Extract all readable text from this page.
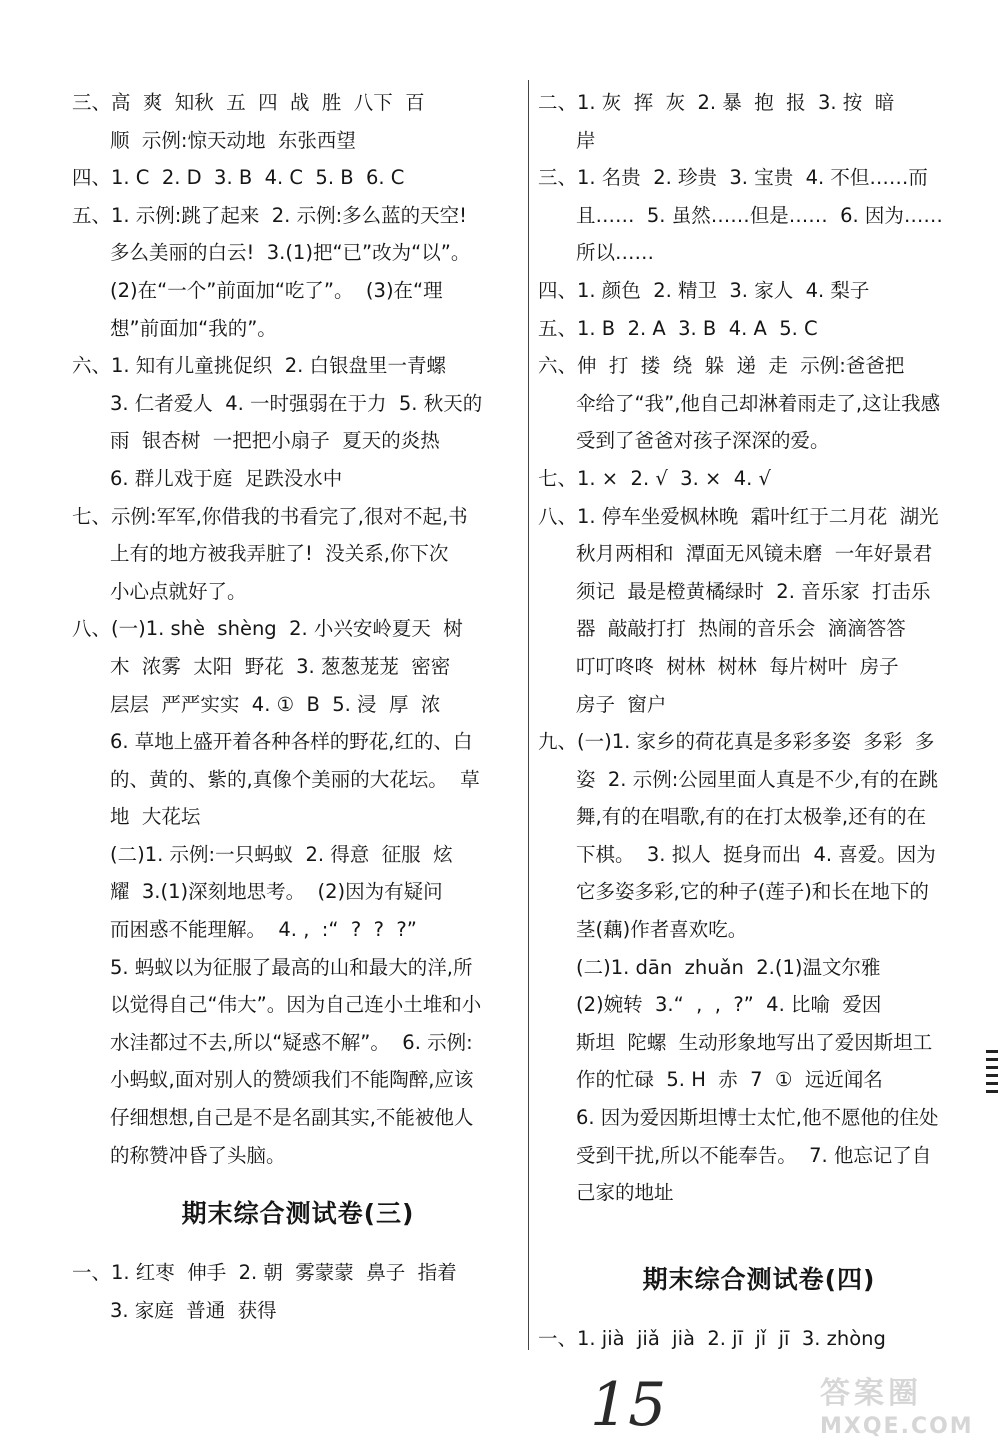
三、高  爽  知秋  五  四  战  胜  八下  百
顺  示例:惊天动地  东张西望
四、1. C  2. D  3. B  4. C  5. B  6. C
五、1. 示例:跳了起来  2. 示例:多么蓝的天空!
多么美丽的白云!  3.(1)把“已”改为“以”。
(2)在“一个”前面加“吃了”。  (3)在“理
想”前面加“我的”。
六、1. 知有儿童挑促织  2. 白银盘里一青螺
3. 仁者爱人  4. 一时强弱在于力  5. 秋天的
雨  银杏树  一把把小扇子  夏天的炎热
6. 群儿戏于庭  足跌没水中
七、示例:军军,你借我的书看完了,很对不起,书
上有的地方被我弄脏了!  没关系,你下次
小心点就好了。
八、(一)1. shè  shèng  2. 小兴安岭夏天  树
木  浓雾  太阳  野花  3. 葱葱茏茏  密密
层层  严严实实  4. ①  B  5. 浸  厚  浓
6. 草地上盛开着各种各样的野花,红的、白
的、黄的、紫的,真像个美丽的大花坛。  草
地  大花坛
(二)1. 示例:一只蚂蚁  2. 得意  征服  炫
耀  3.(1)深刻地思考。  (2)因为有疑问
而困惑不能理解。  4. ,  :“  ?  ?  ?”
5. 蚂蚁以为征服了最高的山和最大的洋,所
以觉得自己“伟大”。因为自己连小土堆和小
水洼都过不去,所以“疑惑不解”。  6. 示例:
小蚂蚁,面对别人的赞颂我们不能陶醉,应该
仔细想想,自己是不是名副其实,不能被他人
的称赞冲昏了头脑。
期末综合测试卷(三)
一、1. 红枣  伸手  2. 朝  雾蒙蒙  鼻子  指着
3. 家庭  普通  获得
二、1. 灰  挥  灰  2. 暴  抱  报  3. 按  暗
岸
三、1. 名贵  2. 珍贵  3. 宝贵  4. 不但……而
且……  5. 虽然……但是……  6. 因为……
所以……
四、1. 颜色  2. 精卫  3. 家人  4. 梨子
五、1. B  2. A  3. B  4. A  5. C
六、伸  打  搂  绕  躲  递  走  示例:爸爸把
伞给了“我”,他自己却淋着雨走了,这让我感
受到了爸爸对孩子深深的爱。
七、1. ×  2. √  3. ×  4. √
八、1. 停车坐爱枫林晚  霜叶红于二月花  湖光
秋月两相和  潭面无风镜未磨  一年好景君
须记  最是橙黄橘绿时  2. 音乐家  打击乐
器  敲敲打打  热闹的音乐会  滴滴答答
叮叮咚咚  树林  树林  每片树叶  房子
房子  窗户
九、(一)1. 家乡的荷花真是多彩多姿  多彩  多
姿  2. 示例:公园里面人真是不少,有的在跳
舞,有的在唱歌,有的在打太极拳,还有的在
下棋。  3. 拟人  挺身而出  4. 喜爱。因为
它多姿多彩,它的种子(莲子)和长在地下的
茎(藕)作者喜欢吃。
(二)1. dān  zhuǎn  2.(1)温文尔雅
(2)婉转  3.“  ,  ,  ?”  4. 比喻  爱因
斯坦  陀螺  生动形象地写出了爱因斯坦工
作的忙碌  5. H  赤  7  ①  远近闻名
6. 因为爱因斯坦博士太忙,他不愿他的住处
受到干扰,所以不能奉告。  7. 他忘记了自
己家的地址
期末综合测试卷(四)
一、1. jià  jiǎ  jià  2. jī  jǐ  jī  3. zhòng
15	答案圈
MXQE.COM
